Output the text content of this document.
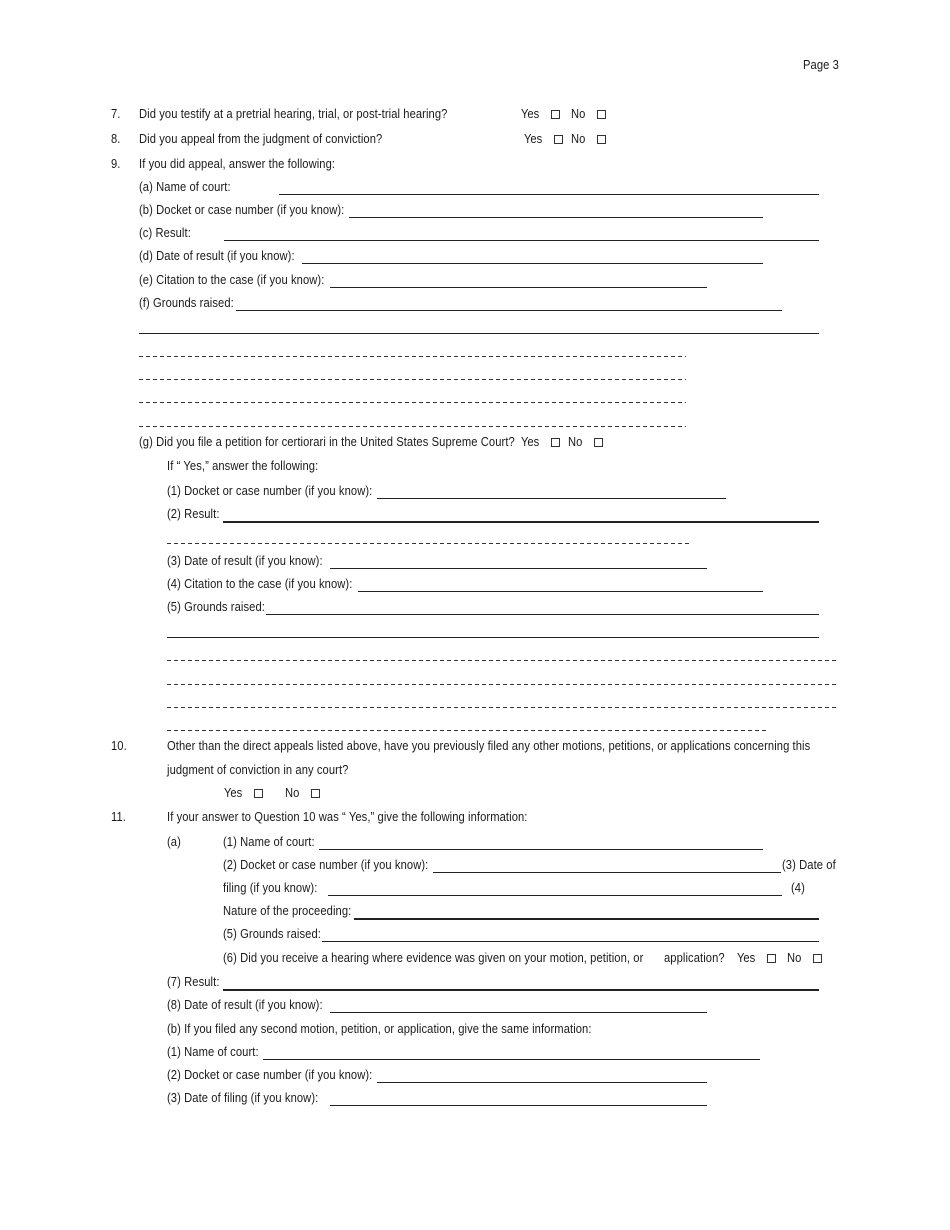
Page 3
7. Did you testify at a pretrial hearing, trial, or post-trial hearing?	Yes No
8. Did you appeal from the judgment of conviction?	Yes No
9. If you did appeal, answer the following:
(a) Name of court:
(b) Docket or case number (if you know):
(c) Result:
(d) Date of result (if you know):
(e) Citation to the case (if you know):
(f) Grounds raised:
(g) Did you file a petition for certiorari in the United States Supreme Court? Yes No
If “ Yes,” answer the following:
(1) Docket or case number (if you know):
(2) Result:
(3) Date of result (if you know):
(4) Citation to the case (if you know):
(5) Grounds raised:
10.	Other than the direct appeals listed above, have you previously filed any other motions, petitions, or applications concerning this
judgment of conviction in any court?
Yes	No
11.	If your answer to Question 10 was “ Yes,” give the following information:
(a)	(1) Name of court:
(2) Docket or case number (if you know):	(3) Date of
filing (if you know):	(4)
Nature of the proceeding:
(5) Grounds raised:
(6) Did you receive a hearing where evidence was given on your motion, petition, or application? Yes No
(7) Result:
(8) Date of result (if you know):
(b) If you filed any second motion, petition, or application, give the same information:
(1) Name of court:
(2) Docket or case number (if you know):
(3) Date of filing (if you know):
